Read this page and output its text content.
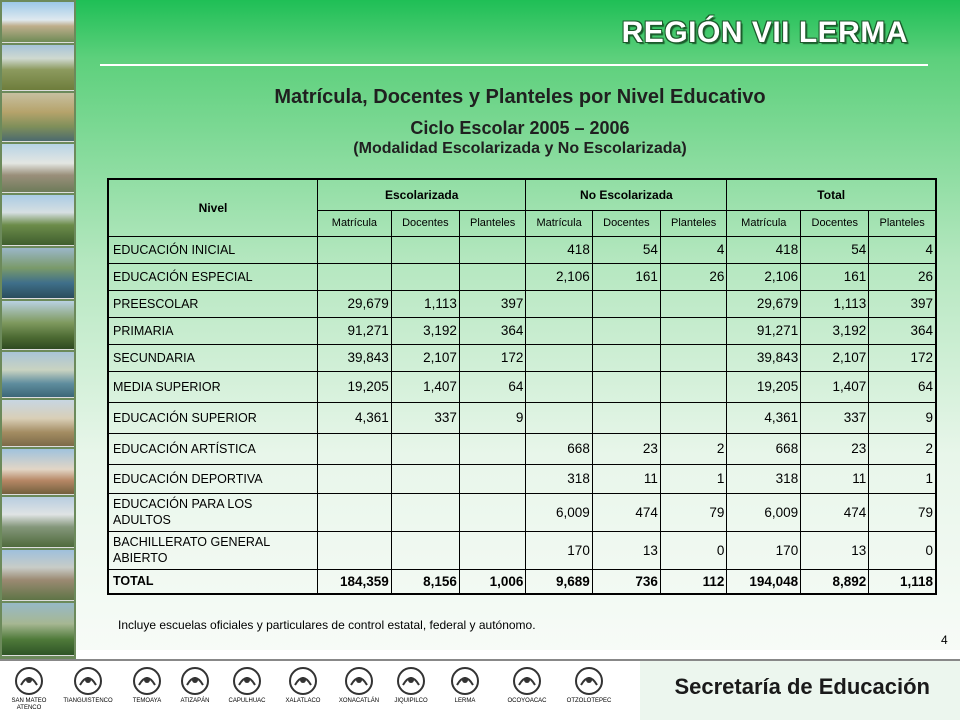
REGIÓN VII LERMA
Matrícula, Docentes y Planteles por Nivel Educativo
Ciclo Escolar 2005 – 2006
(Modalidad Escolarizada y No Escolarizada)
Nivel	Escolarizada			No Escolarizada			Total		
	Matrícula	Docentes	Planteles	Matrícula	Docentes	Planteles	Matrícula	Docentes	Planteles
EDUCACIÓN INICIAL				418	54	4	418	54	4
EDUCACIÓN ESPECIAL				2,106	161	26	2,106	161	26
PREESCOLAR	29,679	1,113	397				29,679	1,113	397
PRIMARIA	91,271	3,192	364				91,271	3,192	364
SECUNDARIA	39,843	2,107	172				39,843	2,107	172
MEDIA SUPERIOR	19,205	1,407	64				19,205	1,407	64
EDUCACIÓN SUPERIOR	4,361	337	9				4,361	337	9
EDUCACIÓN ARTÍSTICA				668	23	2	668	23	2
EDUCACIÓN DEPORTIVA				318	11	1	318	11	1
EDUCACIÓN PARA LOS ADULTOS				6,009	474	79	6,009	474	79
BACHILLERATO GENERAL ABIERTO				170	13	0	170	13	0
TOTAL	184,359	8,156	1,006	9,689	736	112	194,048	8,892	1,118
Incluye escuelas oficiales y particulares de control estatal, federal y autónomo.
4
SAN MATEO ATENCO
TIANGUISTENCO	TEMOAYA	ATIZAPÁN	CAPULHUAC	XALATLACO	XONACATLÁN	JIQUIPILCO	LERMA	OCOYOACAC	OTZOLOTEPEC
Secretaría de Educación
